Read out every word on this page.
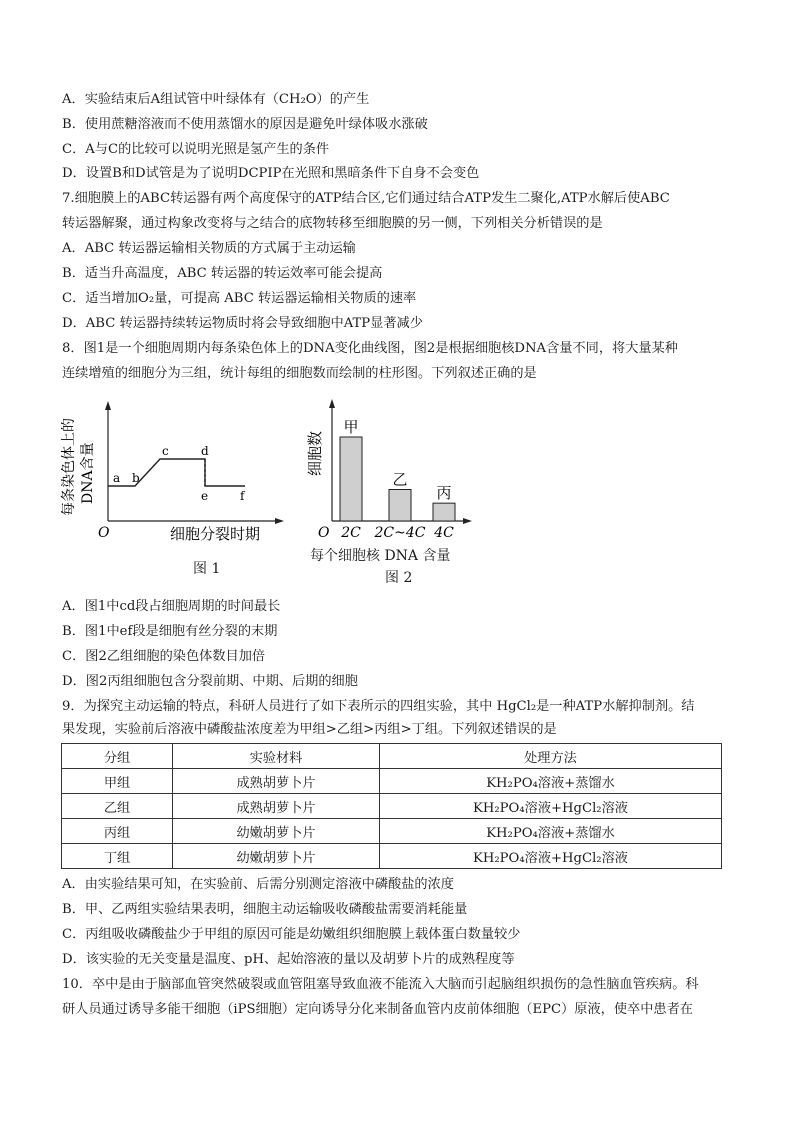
A．实验结束后A组试管中叶绿体有（CH₂O）的产生
B．使用蔗糖溶液而不使用蒸馏水的原因是避免叶绿体吸水涨破
C．A与C的比较可以说明光照是氢产生的条件
D．设置B和D试管是为了说明DCPIP在光照和黑暗条件下自身不会变色
7.细胞膜上的ABC转运器有两个高度保守的ATP结合区,它们通过结合ATP发生二聚化,ATP水解后使ABC
转运器解聚，通过构象改变将与之结合的底物转移至细胞膜的另一侧，下列相关分析错误的是
A．ABC 转运器运输相关物质的方式属于主动运输
B．适当升高温度，ABC 转运器的转运效率可能会提高
C．适当增加O₂量，可提高 ABC 转运器运输相关物质的速率
D．ABC 转运器持续转运物质时将会导致细胞中ATP显著减少
8．图1是一个细胞周期内每条染色体上的DNA变化曲线图，图2是根据细胞核DNA含量不同，将大量某种
连续增殖的细胞分为三组，统计每组的细胞数而绘制的柱形图。下列叙述正确的是
每条染色体上的 DNA含量
O	细胞分裂时期
a b
c	d
e	f
图 1
细胞数
O
甲
2C
乙
2C~4C
丙
4C
每个细胞核 DNA 含量
图 2
A．图1中cd段占细胞周期的时间最长
B．图1中ef段是细胞有丝分裂的末期
C．图2乙组细胞的染色体数目加倍
D．图2丙组细胞包含分裂前期、中期、后期的细胞
9．为探究主动运输的特点，科研人员进行了如下表所示的四组实验，其中 HgCl₂是一种ATP水解抑制剂。结
果发现，实验前后溶液中磷酸盐浓度差为甲组>乙组>丙组>丁组。下列叙述错误的是
分组	实验材料	处理方法
甲组	成熟胡萝卜片	KH₂PO₄溶液+蒸馏水
乙组	成熟胡萝卜片	KH₂PO₄溶液+HgCl₂溶液
丙组	幼嫩胡萝卜片	KH₂PO₄溶液+蒸馏水
丁组	幼嫩胡萝卜片	KH₂PO₄溶液+HgCl₂溶液
A．由实验结果可知，在实验前、后需分别测定溶液中磷酸盐的浓度
B．甲、乙两组实验结果表明，细胞主动运输吸收磷酸盐需要消耗能量
C．丙组吸收磷酸盐少于甲组的原因可能是幼嫩组织细胞膜上载体蛋白数量较少
D．该实验的无关变量是温度、pH、起始溶液的量以及胡萝卜片的成熟程度等
10．卒中是由于脑部血管突然破裂或血管阻塞导致血液不能流入大脑而引起脑组织损伤的急性脑血管疾病。科
研人员通过诱导多能干细胞（iPS细胞）定向诱导分化来制备血管内皮前体细胞（EPC）原液，使卒中患者在
